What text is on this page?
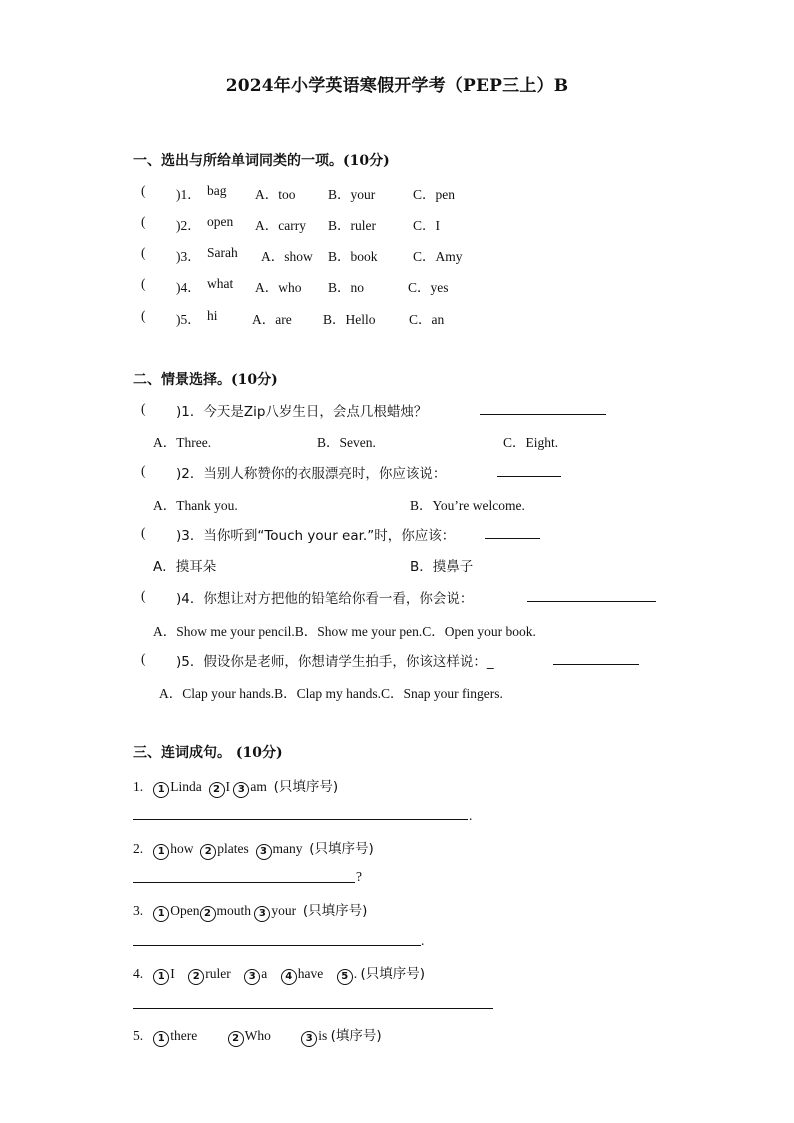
2024年小学英语寒假开学考（PEP三上）B
一、选出与所给单词同类的一项。(10分)
( )1． bag A．too B．your	C．pen
( )2． open A．carry B．ruler	C．I
( )3． Sarah A．show B．book	C．Amy
( )4． what A．who B．no	C．yes
( )5． hi	A．are B．Hello C．an
二、情景选择。(10分)
( )1．今天是Zip八岁生日，会点几根蜡烛？
A．Three.	B．Seven.	C．Eight.
( )2．当别人称赞你的衣服漂亮时，你应该说：
A．Thank you.	B．You’re welcome.
( )3．当你听到“Touch your ear.”时，你应该：
A．摸耳朵	B．摸鼻子
( )4．你想让对方把他的铅笔给你看一看，你会说：
A．Show me your pencil.B．Show me your pen.C．Open your book.
( )5．假设你是老师，你想请学生拍手，你该这样说：_
A．Clap your hands.B．Clap my hands.C．Snap your fingers.
三、连词成句。 (10分)
1. 1 Linda 2 I 3 am (只填序号)
.
2. 1 how 2 plates 3 many (只填序号)
?
3. 1 Open 2 mouth 3 your (只填序号)
.
4. 1 I 2 ruler 3 a 4 have 5 . (只填序号)
5. 1 there	2 Who	3 is (填序号)
